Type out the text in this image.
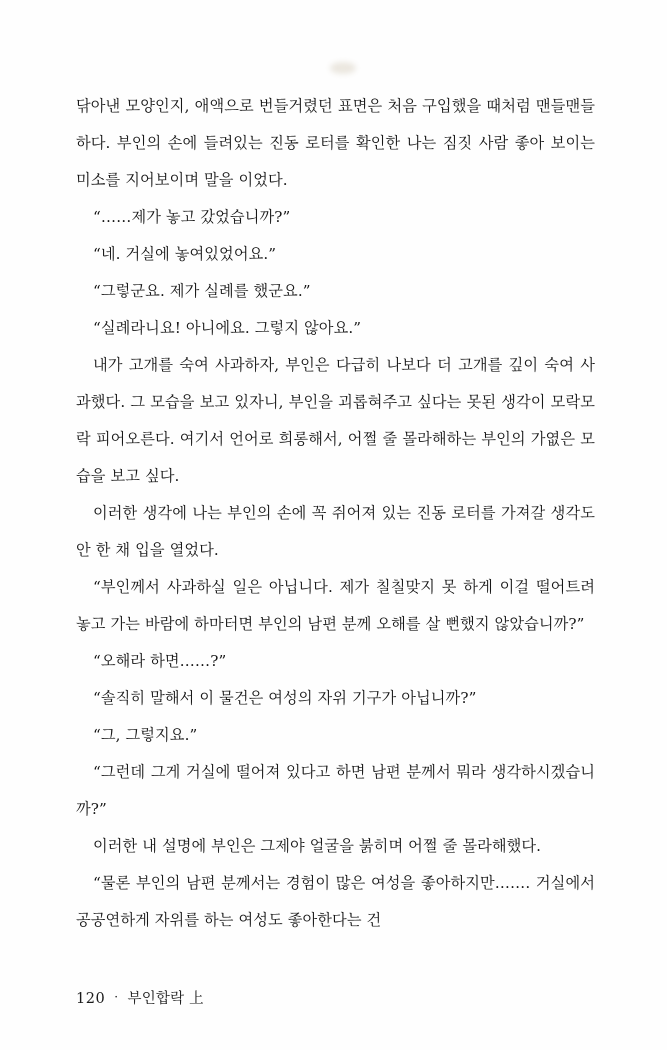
닦아낸 모양인지, 애액으로 번들거렸던 표면은 처음 구입했을 때처럼 맨들맨들하다. 부인의 손에 들려있는 진동 로터를 확인한 나는 짐짓 사람 좋아 보이는 미소를 지어보이며 말을 이었다.

“……제가 놓고 갔었습니까?”

“네. 거실에 놓여있었어요.”

“그렇군요. 제가 실례를 했군요.”

“실례라니요! 아니에요. 그렇지 않아요.”

내가 고개를 숙여 사과하자, 부인은 다급히 나보다 더 고개를 깊이 숙여 사과했다. 그 모습을 보고 있자니, 부인을 괴롭혀주고 싶다는 못된 생각이 모락모락 피어오른다. 여기서 언어로 희롱해서, 어쩔 줄 몰라해하는 부인의 가엾은 모습을 보고 싶다.

이러한 생각에 나는 부인의 손에 꼭 쥐어져 있는 진동 로터를 가져갈 생각도 안 한 채 입을 열었다.

“부인께서 사과하실 일은 아닙니다. 제가 칠칠맞지 못 하게 이걸 떨어트려 놓고 가는 바람에 하마터면 부인의 남편 분께 오해를 살 뻔했지 않았습니까?”

“오해라 하면……?”

“솔직히 말해서 이 물건은 여성의 자위 기구가 아닙니까?”

“그, 그렇지요.”

“그런데 그게 거실에 떨어져 있다고 하면 남편 분께서 뭐라 생각하시겠습니까?”

이러한 내 설명에 부인은 그제야 얼굴을 붉히며 어쩔 줄 몰라해했다.

“물론 부인의 남편 분께서는 경험이 많은 여성을 좋아하지만……. 거실에서 공공연하게 자위를 하는 여성도 좋아한다는 건

120 · 부인합락 上
